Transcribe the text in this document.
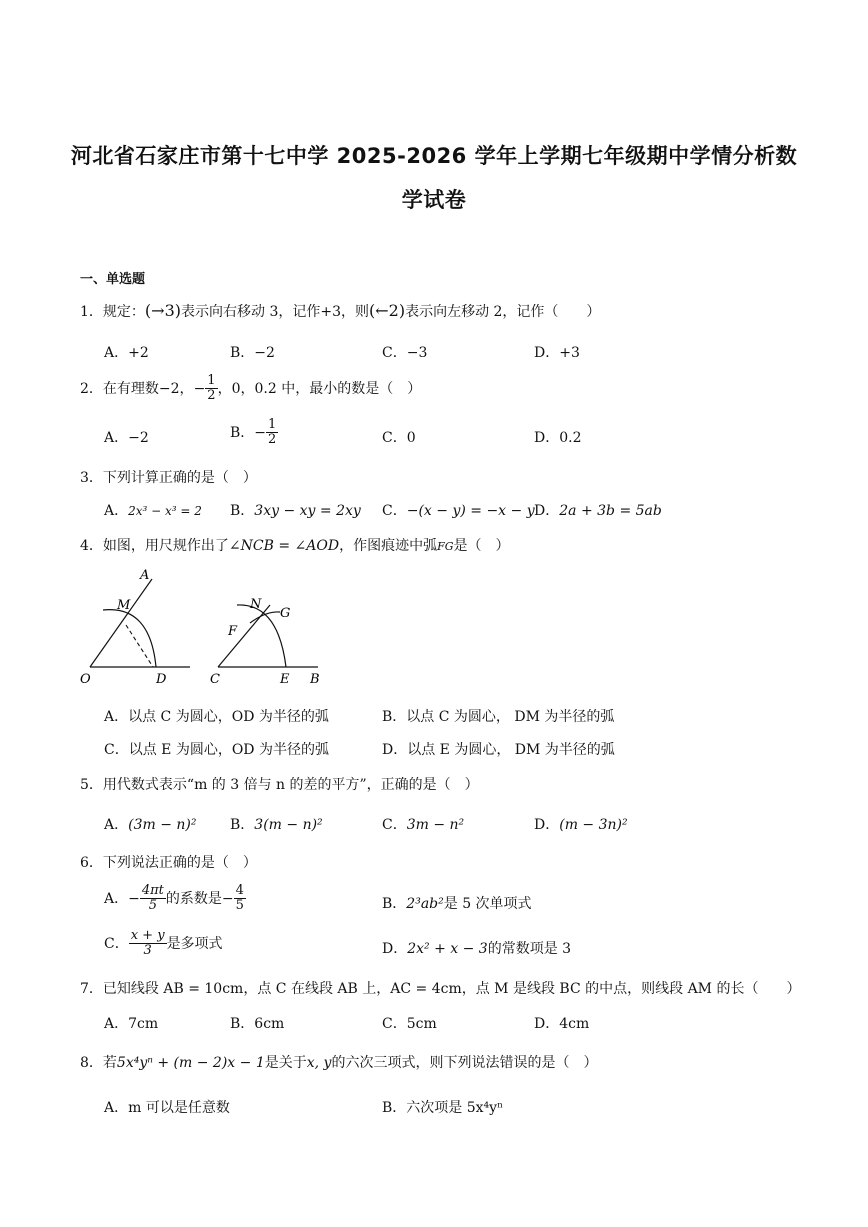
河北省石家庄市第十七中学 2025-2026 学年上学期七年级期中学情分析数
学试卷
一、单选题
1．规定：(→3)表示向右移动 3，记作+3，则(←2)表示向左移动 2，记作（　　）
A．+2	B．−2	C．−3	D．+3
2．在有理数−2，− $\frac{1}{2}$ ，0，0.2 中，最小的数是（　）
A．−2	B．− $\frac{1}{2}$	C．0	D．0.2
3．下列计算正确的是（　）
A．2x³ − x³ = 2 B．3xy − xy = 2xy C．−(x − y) = −x − y D．2a + 3b = 5ab
4．如图，用尺规作出了∠NCB = ∠AOD，作图痕迹中弧FG是（　）
A
M
O	D
N
G
F
C	E B
A．以点 C 为圆心，OD 为半径的弧	B．以点 C 为圆心， DM 为半径的弧
C．以点 E 为圆心，OD 为半径的弧	D．以点 E 为圆心， DM 为半径的弧
5．用代数式表示“m 的 3 倍与 n 的差的平方”，正确的是（　）
A．(3m − n)² B．3(m − n)²	C．3m − n²	D．(m − 3n)²
6．下列说法正确的是（　）
A．− $\frac{4\pi t}{5}$ 的系数是− $\frac{4}{5}$	B．2³ab²是 5 次单项式
C． $\frac{x + y}{3}$ 是多项式	D．2x² + x − 3的常数项是 3
7．已知线段 AB = 10cm，点 C 在线段 AB 上，AC = 4cm，点 M 是线段 BC 的中点，则线段 AM 的长（　　）
A．7cm	B．6cm	C．5cm	D．4cm
8．若5x⁴yⁿ + (m − 2)x − 1是关于x, y的六次三项式，则下列说法错误的是（　）
A．m 可以是任意数	B．六次项是 5x⁴yⁿ
